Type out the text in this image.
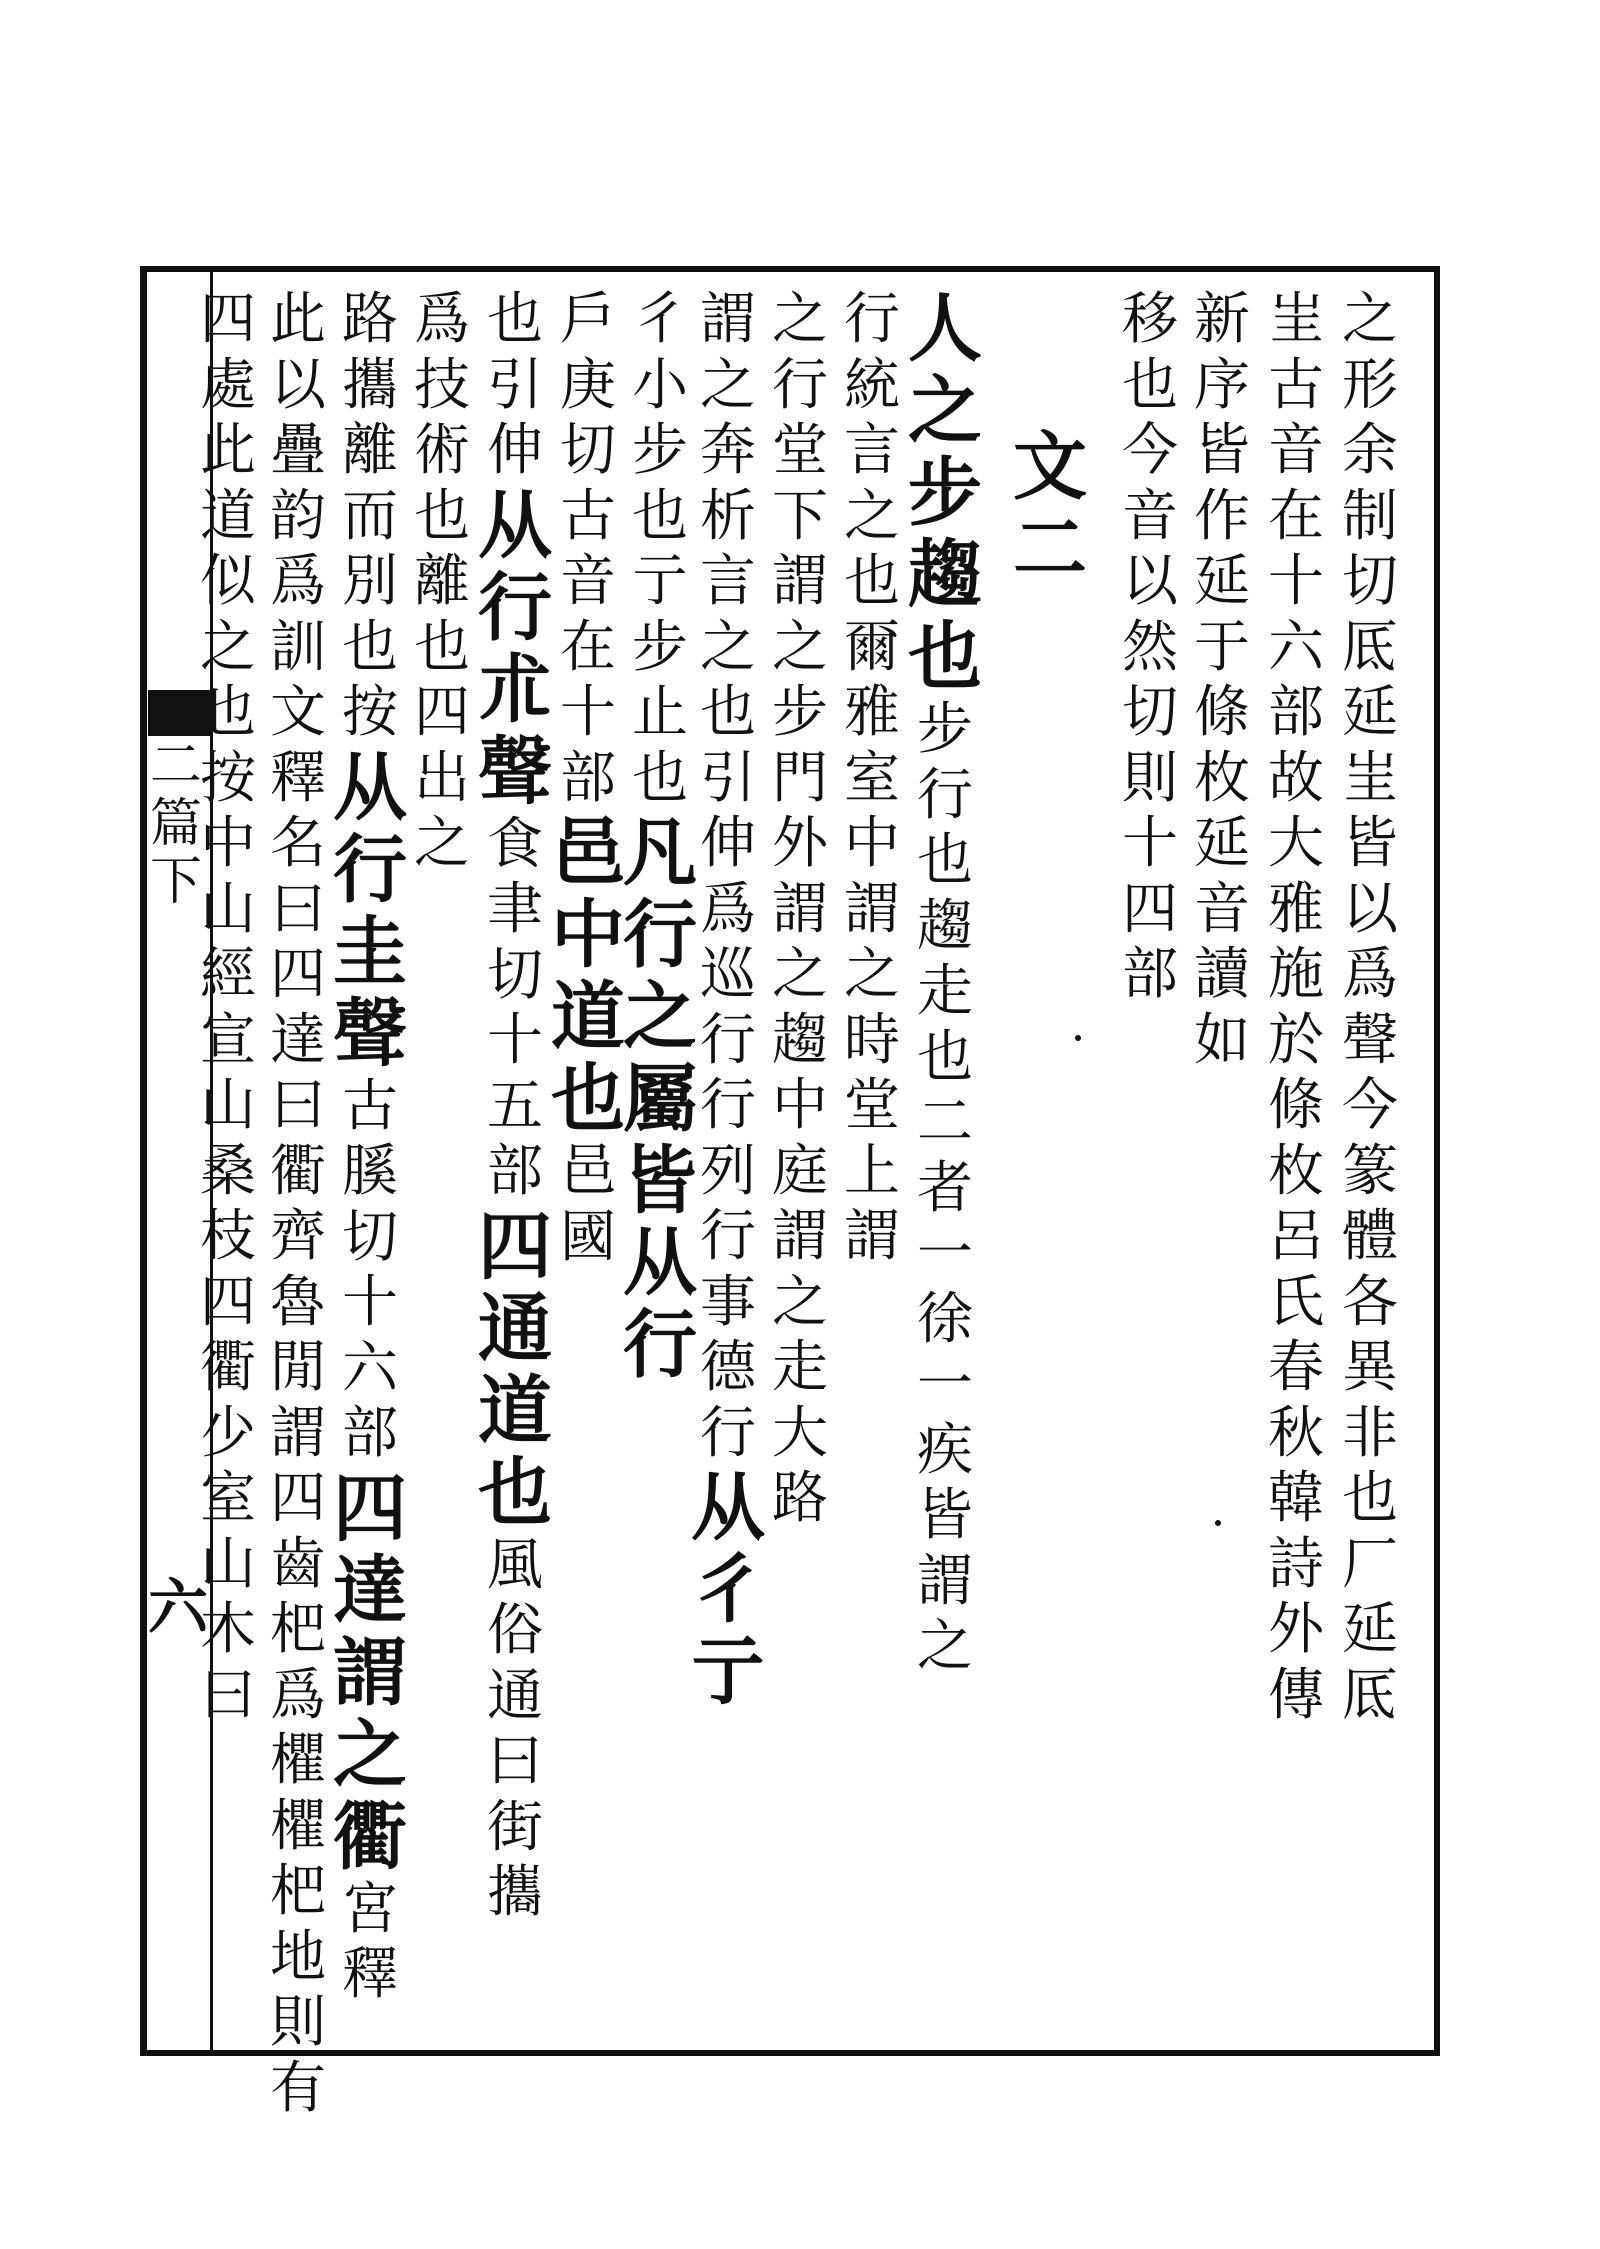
二
篇
下
六
之
形
余
制
切
厎
延
㞷
皆
以
爲
聲
今
篆
體
各
異
非
也
厂
延
厎
㞷
古
音
在
十
六
部
故
大
雅
施
於
條
枚
呂
氏
春
秋
韓
詩
外
傳
新
序
皆
作
延
于
條
枚
延
音
讀
如
移
也
今
音
以
然
切
則
十
四
部
文
二
人
之
步
趨
也
步
行
也
趨
走
也
二
者
一
徐
一
疾
皆
謂
之
行
統
言
之
也
爾
雅
室
中
謂
之
時
堂
上
謂
之
行
堂
下
謂
之
步
門
外
謂
之
趨
中
庭
謂
之
走
大
路
謂
之
奔
析
言
之
也
引
伸
爲
巡
行
行
列
行
事
德
行
从
彳
亍
彳
小
步
也
亍
步
止
也
凡
行
之
屬
皆
从
行
戶
庚
切
古
音
在
十
部
邑
中
道
也
邑
國
也
引
伸
从
行
朮
聲
食
聿
切
十
五
部
四
通
道
也
風
俗
通
曰
街
攜
爲
技
術
也
離
也
四
出
之
路
攜
離
而
別
也
按
从
行
圭
聲
古
膎
切
十
六
部
四
達
謂
之
衢
宮
釋
此
以
疊
韵
爲
訓
文
釋
名
曰
四
達
曰
衢
齊
魯
閒
謂
四
齒
杷
爲
欋
欋
杷
地
則
有
四
處
此
道
似
之
也
按
中
山
經
宣
山
桑
枝
四
衢
少
室
山
木
曰
